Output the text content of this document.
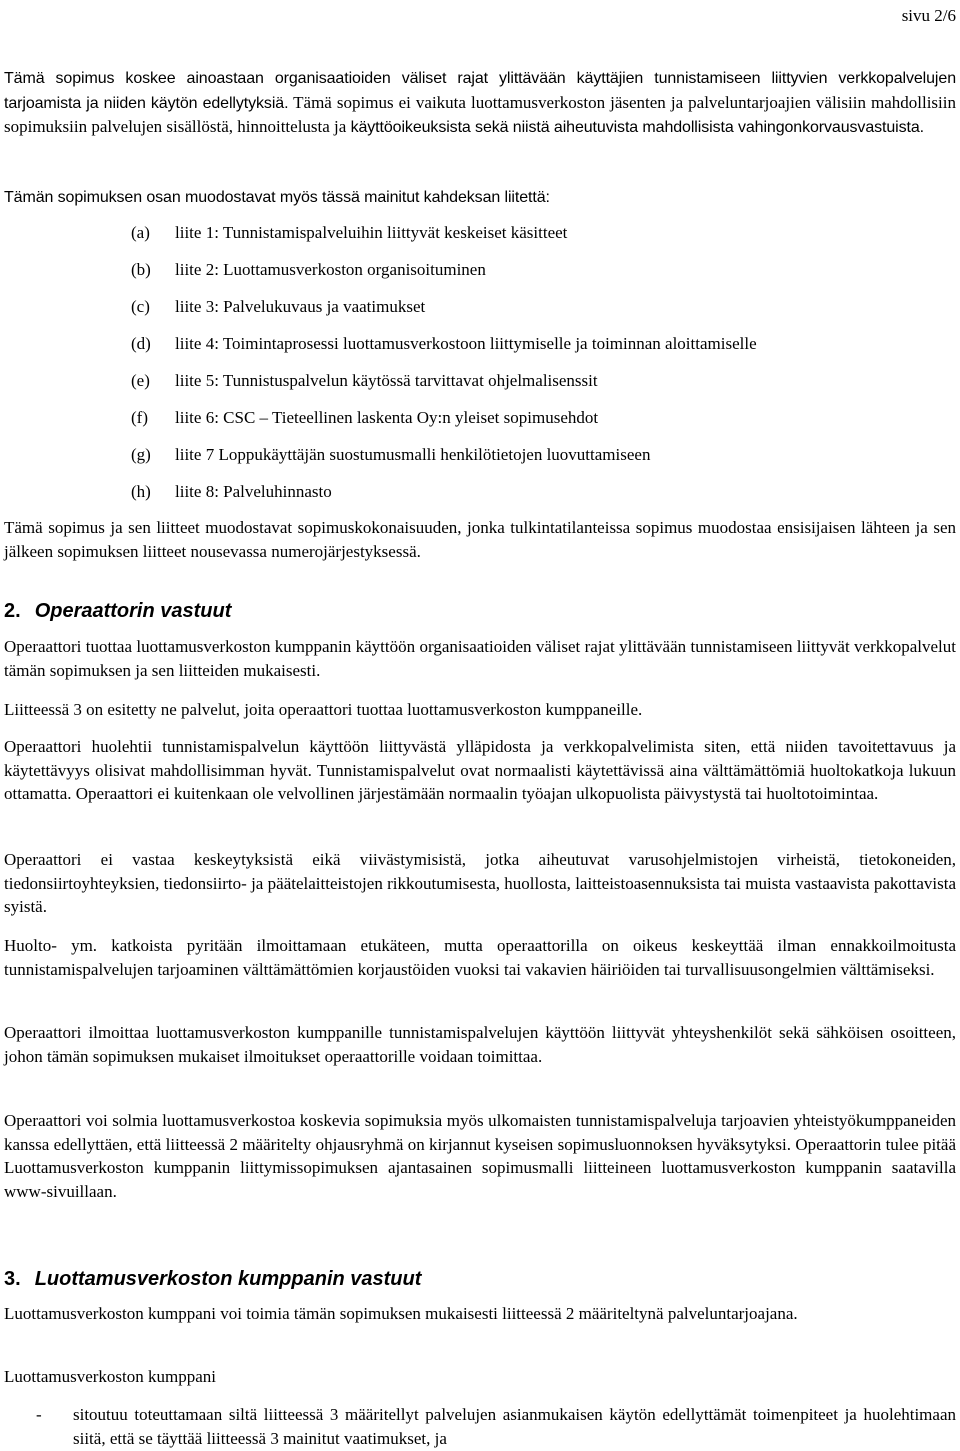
sivu 2/6
Tämä sopimus koskee ainoastaan organisaatioiden väliset rajat ylittävään käyttäjien tunnistamiseen liittyvien verkkopalvelujen tarjoamista ja niiden käytön edellytyksiä. Tämä sopimus ei vaikuta luottamusverkoston jäsenten ja palveluntarjoajien välisiin mahdollisiin sopimuksiin palvelujen sisällöstä, hinnoittelusta ja käyttöoikeuksista sekä niistä aiheutuvista mahdollisista vahingonkorvausvastuista.
Tämän sopimuksen osan muodostavat myös tässä mainitut kahdeksan liitettä:
(a) liite 1: Tunnistamispalveluihin liittyvät keskeiset käsitteet
(b) liite 2: Luottamusverkoston organisoituminen
(c) liite 3: Palvelukuvaus ja vaatimukset
(d) liite 4: Toimintaprosessi luottamusverkostoon liittymiselle ja toiminnan aloittamiselle
(e) liite 5: Tunnistuspalvelun käytössä tarvittavat ohjelmalisenssit
(f) liite 6: CSC – Tieteellinen laskenta Oy:n yleiset sopimusehdot
(g) liite 7 Loppukäyttäjän suostumusmalli henkilötietojen luovuttamiseen
(h) liite 8: Palveluhinnasto
Tämä sopimus ja sen liitteet muodostavat sopimuskokonaisuuden, jonka tulkintatilanteissa sopimus muodostaa ensisijaisen lähteen ja sen jälkeen sopimuksen liitteet nousevassa numerojärjestyksessä.
2. Operaattorin vastuut
Operaattori tuottaa luottamusverkoston kumppanin käyttöön organisaatioiden väliset rajat ylittävään tunnistamiseen liittyvät verkkopalvelut tämän sopimuksen ja sen liitteiden mukaisesti.
Liitteessä 3 on esitetty ne palvelut, joita operaattori tuottaa luottamusverkoston kumppaneille.
Operaattori huolehtii tunnistamispalvelun käyttöön liittyvästä ylläpidosta ja verkkopalvelimista siten, että niiden tavoitettavuus ja käytettävyys olisivat mahdollisimman hyvät. Tunnistamispalvelut ovat normaalisti käytettävissä aina välttämättömiä huoltokatkoja lukuun ottamatta. Operaattori ei kuitenkaan ole velvollinen järjestämään normaalin työajan ulkopuolista päivystystä tai huoltotoimintaa.
Operaattori ei vastaa keskeytyksistä eikä viivästymisistä, jotka aiheutuvat varusohjelmistojen virheistä, tietokoneiden, tiedonsiirtoyhteyksien, tiedonsiirto- ja päätelaitteistojen rikkoutumisesta, huollosta, laitteistoasennuksista tai muista vastaavista pakottavista syistä.
Huolto- ym. katkoista pyritään ilmoittamaan etukäteen, mutta operaattorilla on oikeus keskeyttää ilman ennakkoilmoitusta tunnistamispalvelujen tarjoaminen välttämättömien korjaustöiden vuoksi tai vakavien häiriöiden tai turvallisuusongelmien välttämiseksi.
Operaattori ilmoittaa luottamusverkoston kumppanille tunnistamispalvelujen käyttöön liittyvät yhteyshenkilöt sekä sähköisen osoitteen, johon tämän sopimuksen mukaiset ilmoitukset operaattorille voidaan toimittaa.
Operaattori voi solmia luottamusverkostoa koskevia sopimuksia myös ulkomaisten tunnistamispalveluja tarjoavien yhteistyökumppaneiden kanssa edellyttäen, että liitteessä 2 määritelty ohjausryhmä on kirjannut kyseisen sopimusluonnoksen hyväksytyksi. Operaattorin tulee pitää Luottamusverkoston kumppanin liittymissopimuksen ajantasainen sopimusmalli liitteineen luottamusverkoston kumppanin saatavilla www-sivuillaan.
3. Luottamusverkoston kumppanin vastuut
Luottamusverkoston kumppani voi toimia tämän sopimuksen mukaisesti liitteessä 2 määriteltynä palveluntarjoajana.
Luottamusverkoston kumppani
- sitoutuu toteuttamaan siltä liitteessä 3 määritellyt palvelujen asianmukaisen käytön edellyttämät toimenpiteet ja huolehtimaan siitä, että se täyttää liitteessä 3 mainitut vaatimukset, ja
